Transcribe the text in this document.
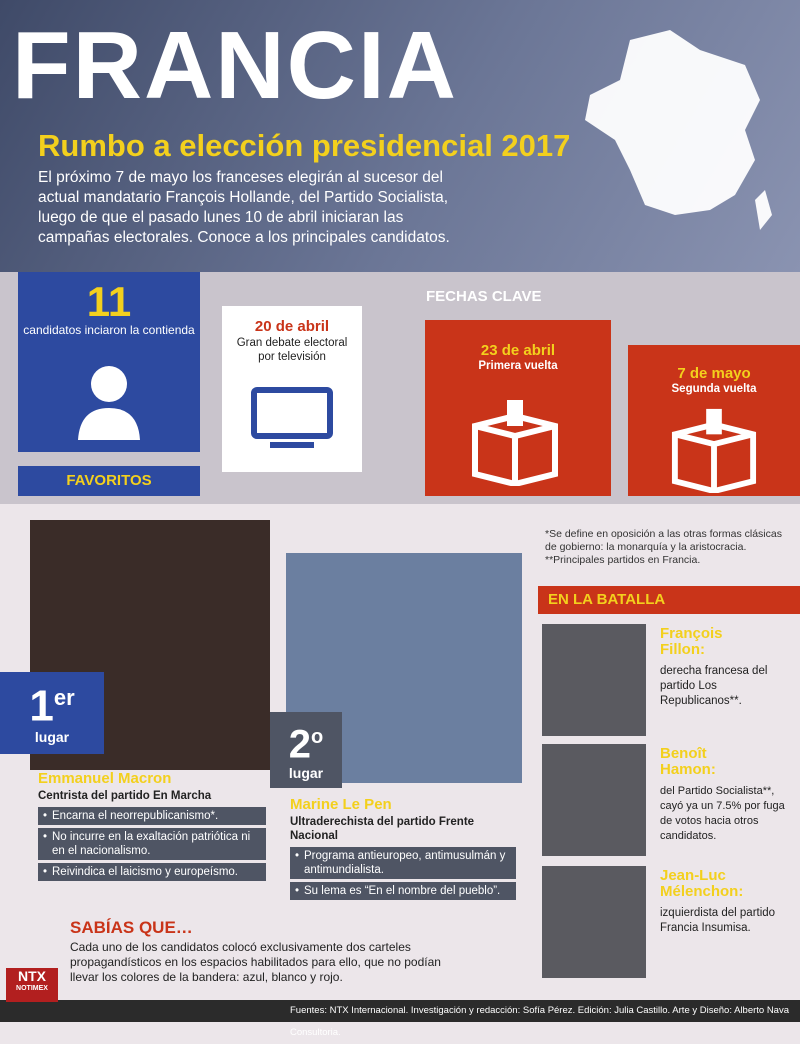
FRANCIA
Rumbo a elección presidencial 2017

El próximo 7 de mayo los franceses elegirán al sucesor del actual mandatario François Hollande, del Partido Socialista, luego de que el pasado lunes 10 de abril iniciaran las campañas electorales. Conoce a los principales candidatos.

11
candidatos inciaron la contienda
FAVORITOS
20 de abril
Gran debate electoral por televisión
FECHAS CLAVE
23 de abril
Primera vuelta	7 de mayo
Segunda vuelta
*Se define en oposición a las otras formas clásicas de gobierno: la monarquía y la aristocracia.
**Principales partidos en Francia.
EN LA BATALLA
François
Fillon:
derecha francesa del partido Los Republicanos**.
Benoît
Hamon:
del Partido Socialista**, cayó ya un 7.5% por fuga de votos hacia otros candidatos.
Jean-Luc
Mélenchon:
izquierdista del partido Francia Insumisa.
1er
lugar
Emmanuel Macron
Centrista del partido En Marcha
• Encarna el neorrepublicanismo*.
• No incurre en la exaltación patriótica ni en el nacionalismo.
• Reivindica el laicismo y europeísmo.
2$^o$
lugar
Marine Le Pen
Ultraderechista del partido Frente Nacional
• Programa antieuropeo, antimusulmán y antimundialista.
• Su lema es “En el nombre del pueblo”.
SABÍAS QUE…
Cada uno de los candidatos colocó exclusivamente dos carteles propagandísticos en los espacios habilitados para ello, que no podían llevar los colores de la bandera: azul, blanco y rojo.
Fuentes: NTX Internacional. Investigación y redacción: Sofía Pérez. Edición: Julia Castillo. Arte y Diseño: Alberto Nava Consultoria.
NTX
NOTIMEX
